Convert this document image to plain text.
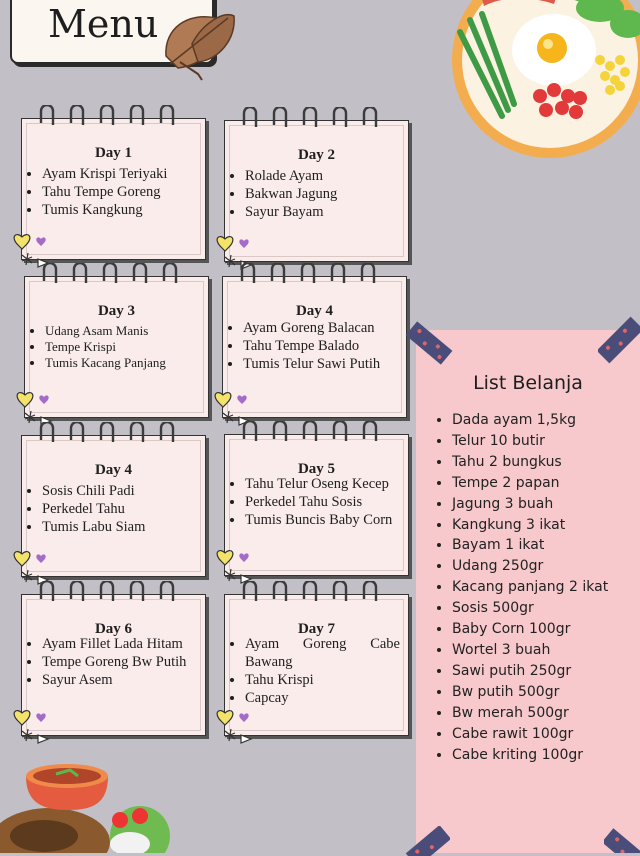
Menu
Day 1
• Ayam Krispi Teriyaki
• Tahu Tempe Goreng
• Tumis Kangkung
Day 2
• Rolade Ayam
• Bakwan Jagung
• Sayur Bayam
Day 3
• Udang Asam Manis
• Tempe Krispi
• Tumis Kacang Panjang
Day 4
• Ayam Goreng Balacan
• Tahu Tempe Balado
• Tumis Telur Sawi Putih
Day 4
• Sosis Chili Padi
• Perkedel Tahu
• Tumis Labu Siam
Day 5
• Tahu Telur Oseng Kecep
• Perkedel Tahu Sosis
• Tumis Buncis Baby Corn
Day 6
• Ayam Fillet Lada Hitam
• Tempe Goreng Bw Putih
• Sayur Asem
Day 7
• Ayam Goreng Cabe Bawang
• Tahu Krispi
• Capcay
List Belanja
• Dada ayam 1,5kg
• Telur 10 butir
• Tahu 2 bungkus
• Tempe 2 papan
• Jagung 3 buah
• Kangkung 3 ikat
• Bayam 1 ikat
• Udang 250gr
• Kacang panjang 2 ikat
• Sosis 500gr
• Baby Corn 100gr
• Wortel 3 buah
• Sawi putih 250gr
• Bw putih 500gr
• Bw merah 500gr
• Cabe rawit 100gr
• Cabe kriting 100gr
